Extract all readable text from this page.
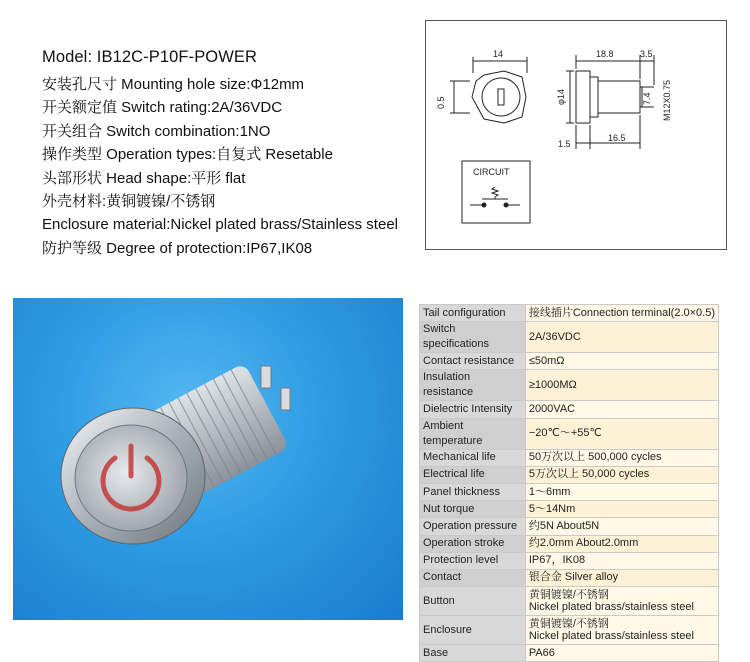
Model: IB12C-P10F-POWER
安装孔尺寸 Mounting hole size:Φ12mm
开关额定值 Switch rating:2A/36VDC
开关组合 Switch combination:1NO
操作类型 Operation types:自复式 Resetable
头部形状 Head shape:平形 flat
外壳材料:黄铜镀镍/不锈钢
Enclosure material:Nickel plated brass/Stainless steel
防护等级 Degree of protection:IP67,IK08
14	18.8	3.5
0.5	φ14	7.4 M12X0.75
1.5
16.5
CIRCUIT
Tail configuration	接线插片Connection terminal(2.0×0.5)
Switch specifications	2A/36VDC
Contact resistance	≤50mΩ
Insulation resistance	≥1000MΩ
Dielectric Intensity	2000VAC
Ambient temperature	−20℃～+55℃
Mechanical life	50万次以上 500,000 cycles
Electrical life	5万次以上 50,000 cycles
Panel thickness	1～6mm
Nut torque	5～14Nm
Operation pressure	约5N About5N
Operation stroke	约2.0mm About2.0mm
Protection level	IP67，IK08
Contact	银合金 Silver alloy
Button	黄铜镀镍/不锈钢
Nickel plated brass/stainless steel

Enclosure	黄铜镀镍/不锈钢
Nickel plated brass/stainless steel

Base	PA66
